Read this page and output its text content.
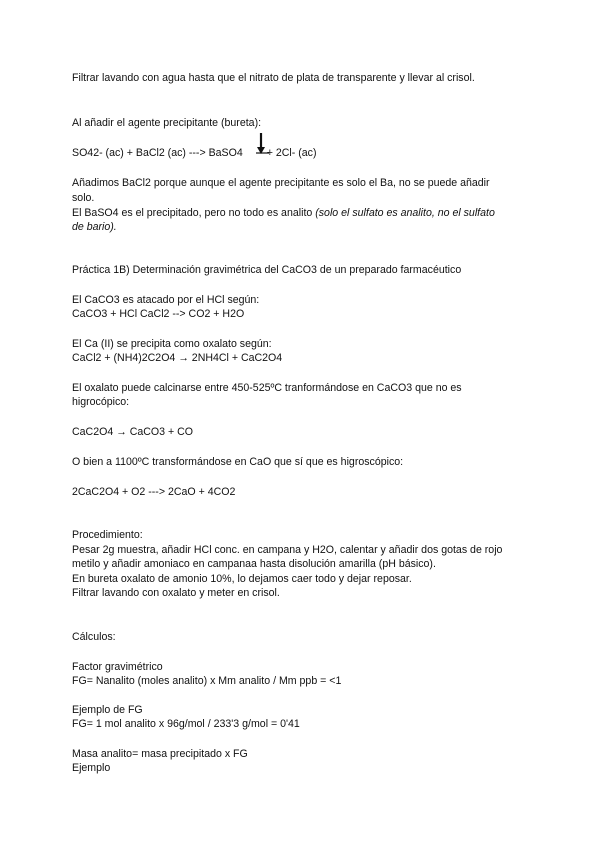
Filtrar lavando con agua hasta que el nitrato de plata de transparente y llevar al crisol.
Al añadir el agente precipitante (bureta):
SO42- (ac) + BaCl2 (ac) ---> BaSO4 + 2Cl- (ac)
Añadimos BaCl2 porque aunque el agente precipitante es solo el Ba, no se puede añadir
solo.
El BaSO4 es el precipitado, pero no todo es analito (solo el sulfato es analito, no el sulfato
de bario).
Práctica 1B) Determinación gravimétrica del CaCO3 de un preparado farmacéutico
El CaCO3 es atacado por el HCl según:
CaCO3 + HCl CaCl2 --> CO2 + H2O
El Ca (II) se precipita como oxalato según:
CaCl2 + (NH4)2C2O4 → 2NH4Cl + CaC2O4
El oxalato puede calcinarse entre 450-525ºC tranformándose en CaCO3 que no es
higrocópico:
CaC2O4 → CaCO3 + CO
O bien a 1100ºC transformándose en CaO que sí que es higroscópico:
2CaC2O4 + O2 ---> 2CaO + 4CO2
Procedimiento:
Pesar 2g muestra, añadir HCl conc. en campana y H2O, calentar y añadir dos gotas de rojo
metilo y añadir amoniaco en campanaa hasta disolución amarilla (pH básico).
En bureta oxalato de amonio 10%, lo dejamos caer todo y dejar reposar.
Filtrar lavando con oxalato y meter en crisol.
Cálculos:
Factor gravimétrico
FG= Nanalito (moles analito) x Mm analito / Mm ppb = <1
Ejemplo de FG
FG= 1 mol analito x 96g/mol / 233'3 g/mol = 0'41
Masa analito= masa precipitado x FG
Ejemplo
